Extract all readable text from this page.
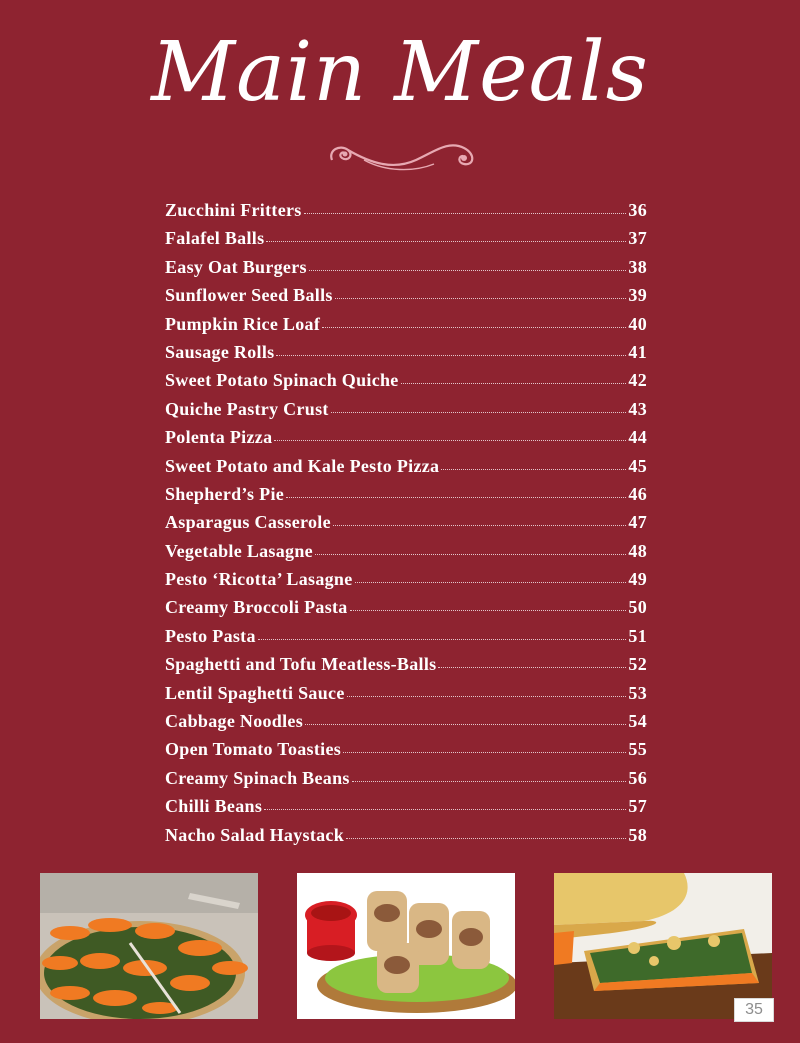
Main Meals
Zucchini Fritters	36
Falafel Balls	37
Easy Oat Burgers	38
Sunflower Seed Balls	39
Pumpkin Rice Loaf	40
Sausage Rolls	41
Sweet Potato Spinach Quiche	42
Quiche Pastry Crust	43
Polenta Pizza	44
Sweet Potato and Kale Pesto Pizza	45
Shepherd’s Pie	46
Asparagus Casserole	47
Vegetable Lasagne	48
Pesto ‘Ricotta’ Lasagne	49
Creamy Broccoli Pasta	50
Pesto Pasta	51
Spaghetti and Tofu Meatless-Balls	52
Lentil Spaghetti Sauce	53
Cabbage Noodles	54
Open Tomato Toasties	55
Creamy Spinach Beans	56
Chilli Beans	57
Nacho Salad Haystack	58
35
